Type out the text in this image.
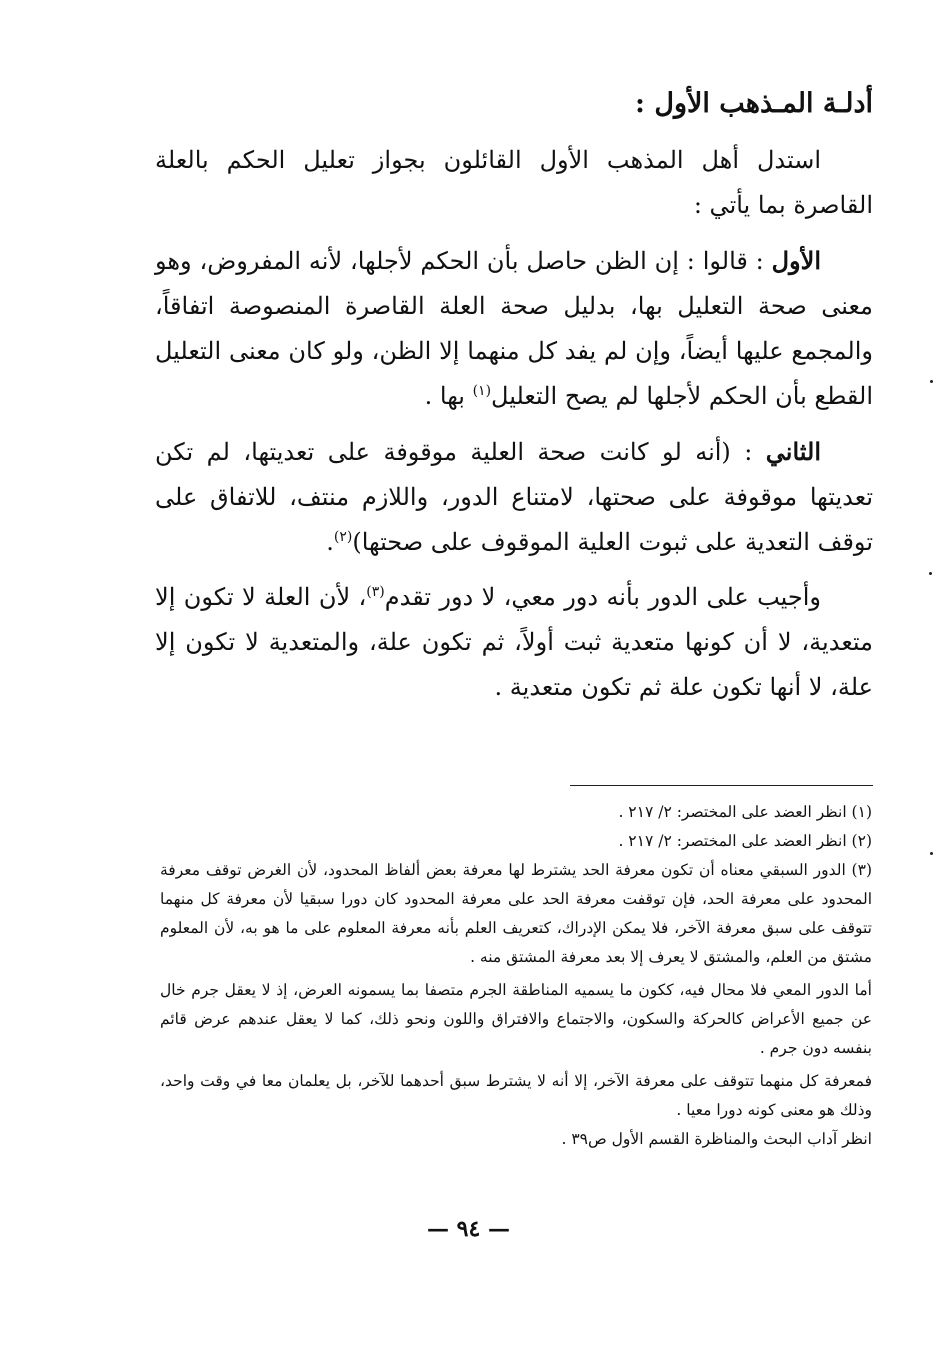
أدلـة المـذهب الأول :

استدل أهل المذهب الأول القائلون بجواز تعليل الحكم بالعلة القاصرة بما يأتي :

الأول : قالوا : إن الظن حاصل بأن الحكم لأجلها، لأنه المفروض، وهو معنى صحة التعليل بها، بدليل صحة العلة القاصرة المنصوصة اتفاقاً، والمجمع عليها أيضاً، وإن لم يفد كل منهما إلا الظن، ولو كان معنى التعليل القطع بأن الحكم لأجلها لم يصح التعليل$^{(١)}$ بها .

الثاني : (أنه لو كانت صحة العلية موقوفة على تعديتها، لم تكن تعديتها موقوفة على صحتها، لامتناع الدور، واللازم منتف، للاتفاق على توقف التعدية على ثبوت العلية الموقوف على صحتها)$^{(٢)}$.

وأجيب على الدور بأنه دور معي، لا دور تقدم$^{(٣)}$، لأن العلة لا تكون إلا متعدية، لا أن كونها متعدية ثبت أولاً، ثم تكون علة، والمتعدية لا تكون إلا علة، لا أنها تكون علة ثم تكون متعدية .

(١) انظر العضد على المختصر: ٢/ ٢١٧ .

(٢) انظر العضد على المختصر: ٢/ ٢١٧ .

(٣) الدور السبقي معناه أن تكون معرفة الحد يشترط لها معرفة بعض ألفاظ المحدود، لأن الغرض توقف معرفة المحدود على معرفة الحد، فإن توقفت معرفة الحد على معرفة المحدود كان دورا سبقيا لأن معرفة كل منهما تتوقف على سبق معرفة الآخر، فلا يمكن الإدراك، كتعريف العلم بأنه معرفة المعلوم على ما هو به، لأن المعلوم مشتق من العلم، والمشتق لا يعرف إلا بعد معرفة المشتق منه .

أما الدور المعي فلا محال فيه، ككون ما يسميه المناطقة الجرم متصفا بما يسمونه العرض، إذ لا يعقل جرم خال عن جميع الأعراض كالحركة والسكون، والاجتماع والافتراق واللون ونحو ذلك، كما لا يعقل عندهم عرض قائم بنفسه دون جرم .

فمعرفة كل منهما تتوقف على معرفة الآخر، إلا أنه لا يشترط سبق أحدهما للآخر، بل يعلمان معا في وقت واحد، وذلك هو معنى كونه دورا معيا .

انظر آداب البحث والمناظرة القسم الأول ص٣٩ .

— ٩٤ —
